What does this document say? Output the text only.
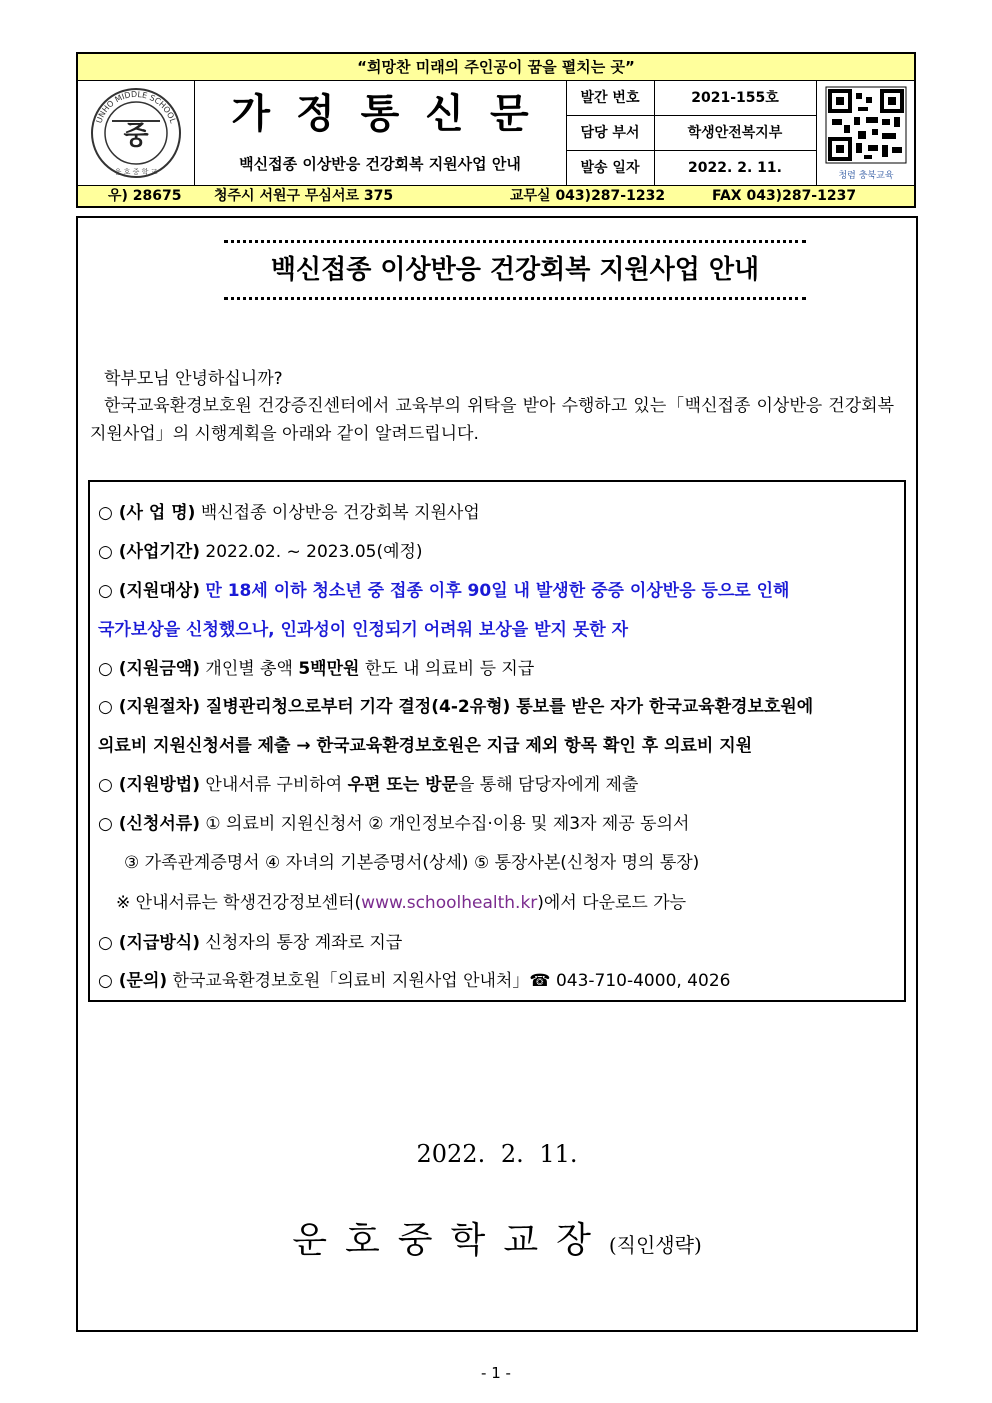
“희망찬 미래의 주인공이 꿈을 펼치는 곳”
UNHO MIDDLE SCHOOL
운 호 중 학 교
중	가정통신문
백신접종 이상반응 건강회복 지원사업 안내
발간 번호	2021-155호
담당 부서	학생안전복지부
발송 일자	2022. 2. 11.	청렴 충북교육
우) 28675 청주시 서원구 무심서로 375	교무실 043)287-1232	FAX 043)287-1237
백신접종 이상반응 건강회복 지원사업 안내
학부모님 안녕하십니까?
한국교육환경보호원 건강증진센터에서 교육부의 위탁을 받아 수행하고 있는「백신접종 이상반응 건강회복 지원사업」의 시행계획을 아래와 같이 알려드립니다.
○ (사 업 명) 백신접종 이상반응 건강회복 지원사업
○ (사업기간) 2022.02. ~ 2023.05(예정)
○ (지원대상) 만 18세 이하 청소년 중 접종 이후 90일 내 발생한 중증 이상반응 등으로 인해
국가보상을 신청했으나, 인과성이 인정되기 어려워 보상을 받지 못한 자
○ (지원금액) 개인별 총액 5백만원 한도 내 의료비 등 지급
○ (지원절차) 질병관리청으로부터 기각 결정(4-2유형) 통보를 받은 자가 한국교육환경보호원에
의료비 지원신청서를 제출 → 한국교육환경보호원은 지급 제외 항목 확인 후 의료비 지원
○ (지원방법) 안내서류 구비하여 우편 또는 방문을 통해 담당자에게 제출
○ (신청서류) ① 의료비 지원신청서 ② 개인정보수집·이용 및 제3자 제공 동의서
③ 가족관계증명서 ④ 자녀의 기본증명서(상세) ⑤ 통장사본(신청자 명의 통장)
※ 안내서류는 학생건강정보센터(www.schoolhealth.kr)에서 다운로드 가능
○ (지급방식) 신청자의 통장 계좌로 지급
○ (문의) 한국교육환경보호원「의료비 지원사업 안내처」☎ 043-710-4000, 4026
2022. 2. 11.
운호중학교장(직인생략)
- 1 -
